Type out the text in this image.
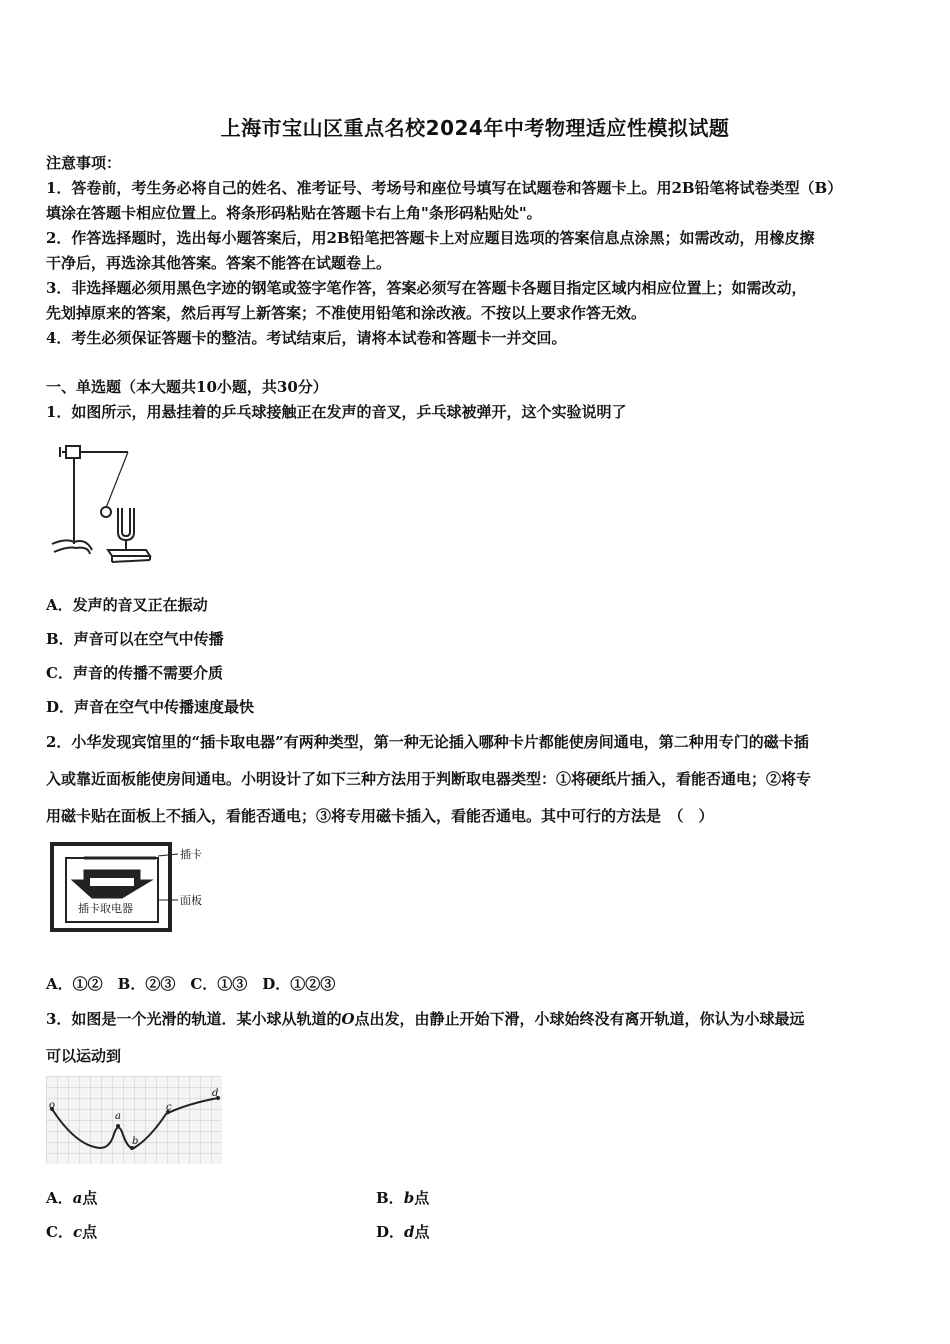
上海市宝山区重点名校2024年中考物理适应性模拟试题
注意事项：
1．答卷前，考生务必将自己的姓名、准考证号、考场号和座位号填写在试题卷和答题卡上。用2B铅笔将试卷类型（B）
填涂在答题卡相应位置上。将条形码粘贴在答题卡右上角"条形码粘贴处"。
2．作答选择题时，选出每小题答案后，用2B铅笔把答题卡上对应题目选项的答案信息点涂黑；如需改动，用橡皮擦
干净后，再选涂其他答案。答案不能答在试题卷上。
3．非选择题必须用黑色字迹的钢笔或签字笔作答，答案必须写在答题卡各题目指定区域内相应位置上；如需改动，
先划掉原来的答案，然后再写上新答案；不准使用铅笔和涂改液。不按以上要求作答无效。
4．考生必须保证答题卡的整洁。考试结束后，请将本试卷和答题卡一并交回。
一、单选题（本大题共10小题，共30分）
1．如图所示，用悬挂着的乒乓球接触正在发声的音叉，乒乓球被弹开，这个实验说明了
A．发声的音叉正在振动
B．声音可以在空气中传播
C．声音的传播不需要介质
D．声音在空气中传播速度最快
2．小华发现宾馆里的“插卡取电器”有两种类型，第一种无论插入哪种卡片都能使房间通电，第二种用专门的磁卡插
入或靠近面板能使房间通电。小明设计了如下三种方法用于判断取电器类型：①将硬纸片插入，看能否通电；②将专
用磁卡贴在面板上不插入，看能否通电；③将专用磁卡插入，看能否通电。其中可行的方法是　（　）
插卡取电器
插卡
面板
A．①②　B．②③　C．①③　D．①②③
3．如图是一个光滑的轨道．某小球从轨道的O点出发，由静止开始下滑，小球始终没有离开轨道，你认为小球最远
可以运动到
o
a
b
c
d
A．a点	B．b点
C．c点	D．d点
